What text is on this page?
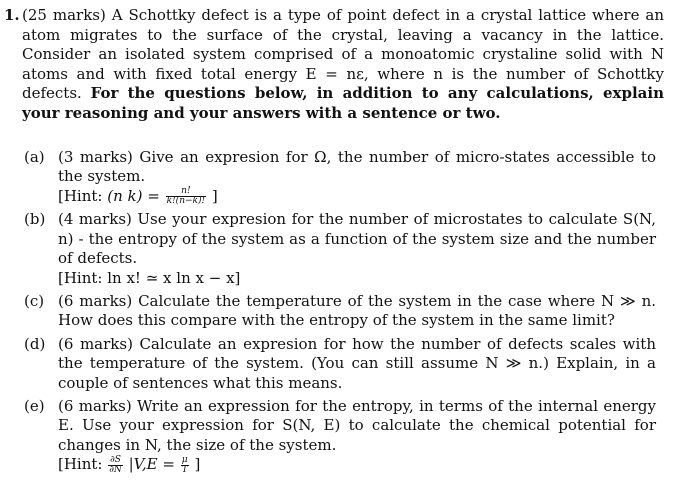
1. (25 marks) A Schottky defect is a type of point defect in a crystal lattice where an atom migrates to the surface of the crystal, leaving a vacancy in the lattice. Consider an isolated system comprised of a monoatomic crystaline solid with N atoms and with fixed total energy E = nε, where n is the number of Schottky defects. For the questions below, in addition to any calculations, explain your reasoning and your answers with a sentence or two.
(a) (3 marks) Give an expresion for Ω, the number of micro-states accessible to the system.
[Hint: (n $k) = \frac{n!}{k!(n-k)!}$ ]
(b) (4 marks) Use your expresion for the number of microstates to calculate S(N, n) - the entropy of the system as a function of the system size and the number of defects.
[Hint: ln x! ≃ x ln x − x]
(c) (6 marks) Calculate the temperature of the system in the case where N ≫ n. How does this compare with the entropy of the system in the same limit?
(d) (6 marks) Calculate an expresion for how the number of defects scales with the temperature of the system. (You can still assume N ≫ n.) Explain, in a couple of sentences what this means.
(e) (6 marks) Write an expression for the entropy, in terms of the internal energy E. Use your expression for S(N, E) to calculate the chemical potential for changes in N, the size of the system.
[Hint: $\frac{\partial S}{\partial N} |V,E = \frac{\mu}{T}$ ]
